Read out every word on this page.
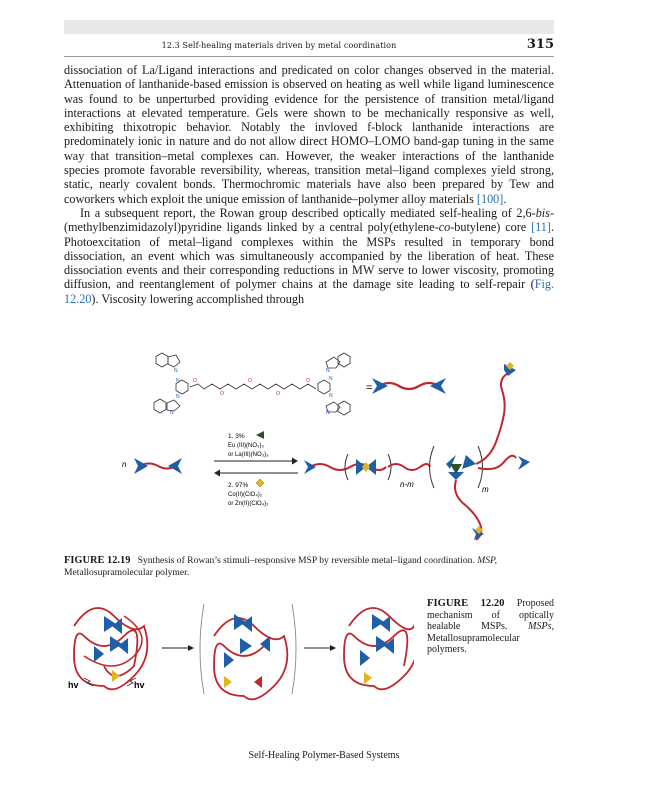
12.3 Self-healing materials driven by metal coordination	315

dissociation of La/Ligand interactions and predicated on color changes observed in the material. Attenuation of lanthanide-based emission is observed on heating as well while ligand luminescence was found to be unperturbed providing evidence for the persistence of transition metal/ligand interactions at elevated temperature. Gels were shown to be mechanically responsive as well, exhibiting thixotropic behavior. Notably the invloved f-block lanthanide interactions are predominately ionic in nature and do not allow direct HOMO–LOMO band-gap tuning in the same way that transition–metal complexes can. However, the weaker interactions of the lanthanide species promote favorable reversibility, whereas, transition metal–ligand complexes yield strong, static, nearly covalent bonds. Thermochromic materials have also been prepared by Tew and coworkers which exploit the unique emission of lanthanide–polymer alloy materials [100].

In a subsequent report, the Rowan group described optically mediated self-healing of 2,6-bis-(methylbenzimidazolyl)pyridine ligands linked by a central poly(ethylene-co-butylene) core [11]. Photoexcitation of metal–ligand complexes within the MSPs resulted in temporary bond dissociation, an event which was simultaneously accompanied by the liberation of heat. These dissociation events and their corresponding reductions in MW serve to lower viscosity, promoting diffusion, and reentanglement of polymer chains at the damage site leading to self-repair (Fig. 12.20). Viscosity lowering accomplished through

N
N
N
N
O
O
O
O
O
N
N
N
N
=
1. 3%
Eu (III)(NO₃)₃
or La(III)(NO₃)₃
2. 97%
Co(II)(ClO₄)₂
or Zn(II)(ClO₄)₂
n
n-m
m
FIGURE 12.19 Synthesis of Rowan’s stimuli–responsive MSP by reversible metal–ligand coordination. MSP, Metallosupramolecular polymer.
hv	hv
FIGURE 12.20 Proposed mechanism of optically healable MSPs. MSPs, Metallosupramolecular polymers.
Self-Healing Polymer-Based Systems
